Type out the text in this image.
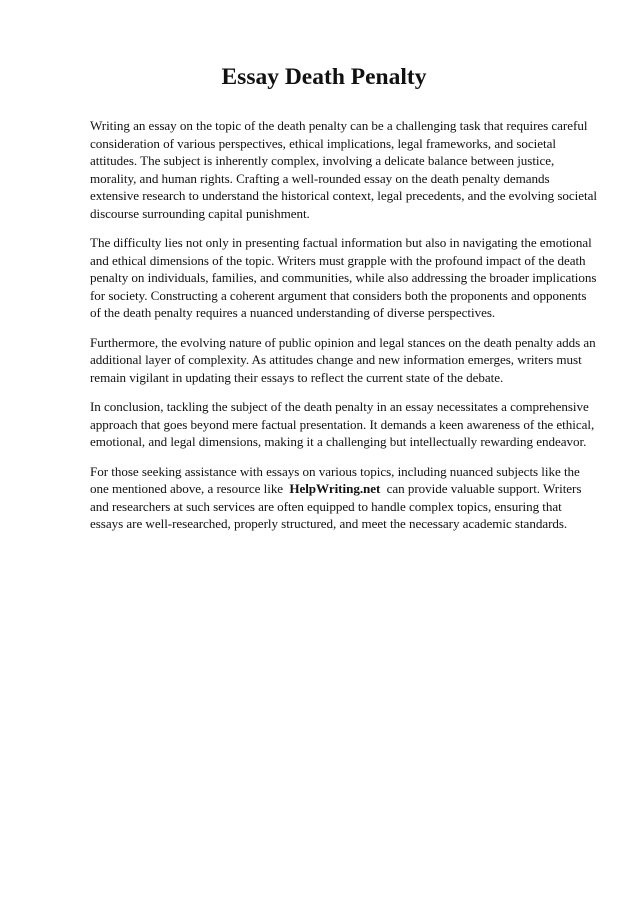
Essay Death Penalty

Writing an essay on the topic of the death penalty can be a challenging task that requires careful consideration of various perspectives, ethical implications, legal frameworks, and societal attitudes. The subject is inherently complex, involving a delicate balance between justice, morality, and human rights. Crafting a well-rounded essay on the death penalty demands extensive research to understand the historical context, legal precedents, and the evolving societal discourse surrounding capital punishment.

The difficulty lies not only in presenting factual information but also in navigating the emotional and ethical dimensions of the topic. Writers must grapple with the profound impact of the death penalty on individuals, families, and communities, while also addressing the broader implications for society. Constructing a coherent argument that considers both the proponents and opponents of the death penalty requires a nuanced understanding of diverse perspectives.

Furthermore, the evolving nature of public opinion and legal stances on the death penalty adds an additional layer of complexity. As attitudes change and new information emerges, writers must remain vigilant in updating their essays to reflect the current state of the debate.

In conclusion, tackling the subject of the death penalty in an essay necessitates a comprehensive approach that goes beyond mere factual presentation. It demands a keen awareness of the ethical, emotional, and legal dimensions, making it a challenging but intellectually rewarding endeavor.

For those seeking assistance with essays on various topics, including nuanced subjects like the one mentioned above, a resource like HelpWriting.net can provide valuable support. Writers and researchers at such services are often equipped to handle complex topics, ensuring that essays are well-researched, properly structured, and meet the necessary academic standards.
